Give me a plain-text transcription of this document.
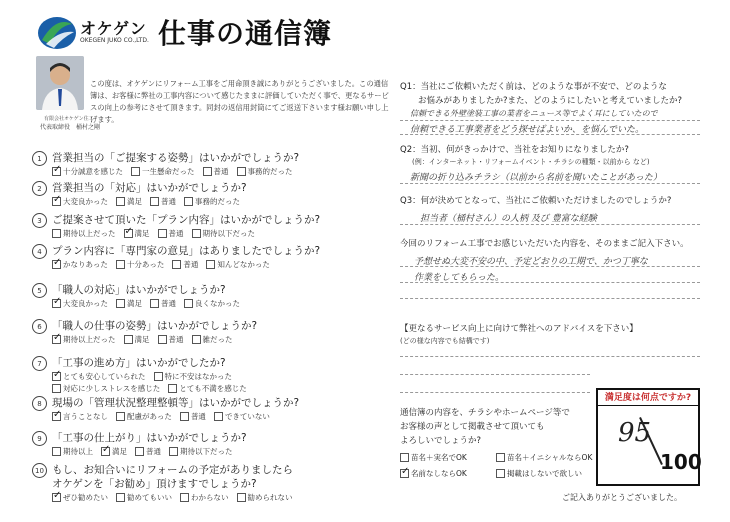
オケゲン
OKEGEN JUKO CO.,LTD. 仕事の通信簿
有限会社オケゲン住工
代表取締役　桶村之剛
この度は、オケゲンにリフォーム工事をご用命頂き誠にありがとうございました。この通信簿は、お客様に弊社の工事内容について感じたままに評価していただく事で、更なるサービスの向上の参考にさせて頂きます。同封の返信用封筒にてご返送下さいます様お願い申し上げます。
1 営業担当の「ご提案する姿勢」はいかがでしょうか?
✓
十分誠意を感じた	一生懸命だった	普通	事務的だった
2 営業担当の「対応」はいかがでしょうか?
✓
大変良かった	満足	普通	事務的だった
3 ご提案させて頂いた「プラン内容」はいかがでしょうか?
期待以上だった ✓	満足	普通	期待以下だった
4 プラン内容に「専門家の意見」はありましたでしょうか?
✓
かなりあった	十分あった	普通	知んどなかった
5 「職人の対応」はいかがでしょうか?
✓
大変良かった	満足	普通	良くなかった
6 「職人の仕事の姿勢」はいかがでしょうか?
✓
期待以上だった	満足	普通	雑だった
7 「工事の進め方」はいかがでしたか?
✓
とても安心していられた	特に不安はなかった
対応に少しストレスを感じた	とても不満を感じた
8 現場の「管理状況整理整頓等」はいかがでしょうか?
✓
言うことなし	配慮があった	普通	できていない
9 「工事の仕上がり」はいかがでしょうか?
期待以上 ✓	満足	普通	期待以下だった
10 もし、お知合いにリフォームの予定がありましたら
オケゲンを「お勧め」頂けますでしょうか?
✓
ぜひ勧めたい	勧めてもいい	わからない	勧められない
Q1：当社にご依頼いただく前は、どのような事が不安で、どのような
お悩みがありましたか?また、どのようにしたいと考えていましたか?
信頼できる外壁塗装工事の業者をニュース等でよく耳にしていたので
信頼できる工事業者をどう探せばよいか、を悩んでいた。
Q2：当初、何がきっかけで、当社をお知りになりましたか?
(例：インターネット・リフォームイベント・チラシの種類・以前から など)
新聞の折り込みチラシ（以前から名前を聞いたことがあった）
Q3：何が決めてとなって、当社にご依頼いただけましたのでしょうか?
担当者（桶村さん）の人柄 及び 豊富な経験
今回のリフォーム工事でお感じいただいた内容を、そのままご記入下さい。
予想せぬ大変不安の中、予定どおりの工期で、かつ丁寧な
作業をしてもらった。
【更なるサービス向上に向けて弊社へのアドバイスを下さい】
(どの様な内容でも結構です)
通信簿の内容を、チラシやホームページ等で
お客様の声として掲載させて頂いても
よろしいでしょうか?
苗名＋実名でOK	苗名＋イニシャルならOK
✓
名前なしならOK	掲載はしないで欲しい
満足度は何点ですか?
95
100
ご記入ありがとうございました。
